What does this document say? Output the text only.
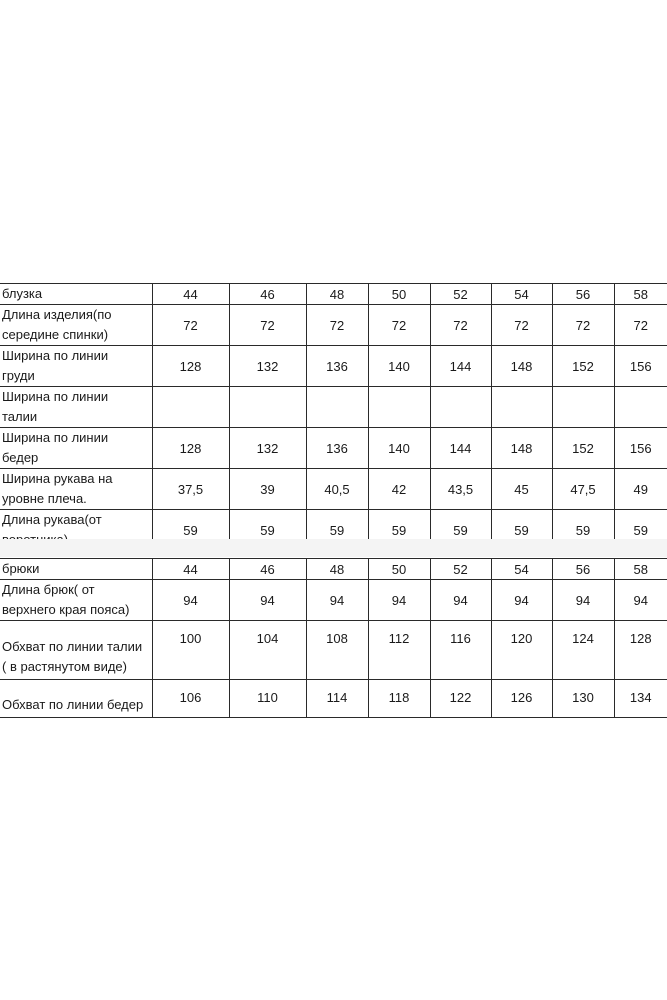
блузка	44	46	48	50	52	54	56	58

Длина изделия(по
середине спинки)	72	72	72	72	72	72	72	72

Ширина по линии
груди	128	132	136	140	144	148	152	156

Ширина по линии
талии								

Ширина по линии
бедер	128	132	136	140	144	148	152	156

Ширина рукава на
уровне плеча.	37,5	39	40,5	42	43,5	45	47,5	49

Длина рукава(от	59	59	59	59	59	59	59	59
брюки	44	46	48	50	52	54	56	58

Длина брюк( от
верхнего края пояса)	94	94	94	94	94	94	94	94

Обхват по линии талии
( в растянутом виде)	100	104	108	112	116	120	124	128

Обхват по линии бедер	106	110	114	118	122	126	130	134
